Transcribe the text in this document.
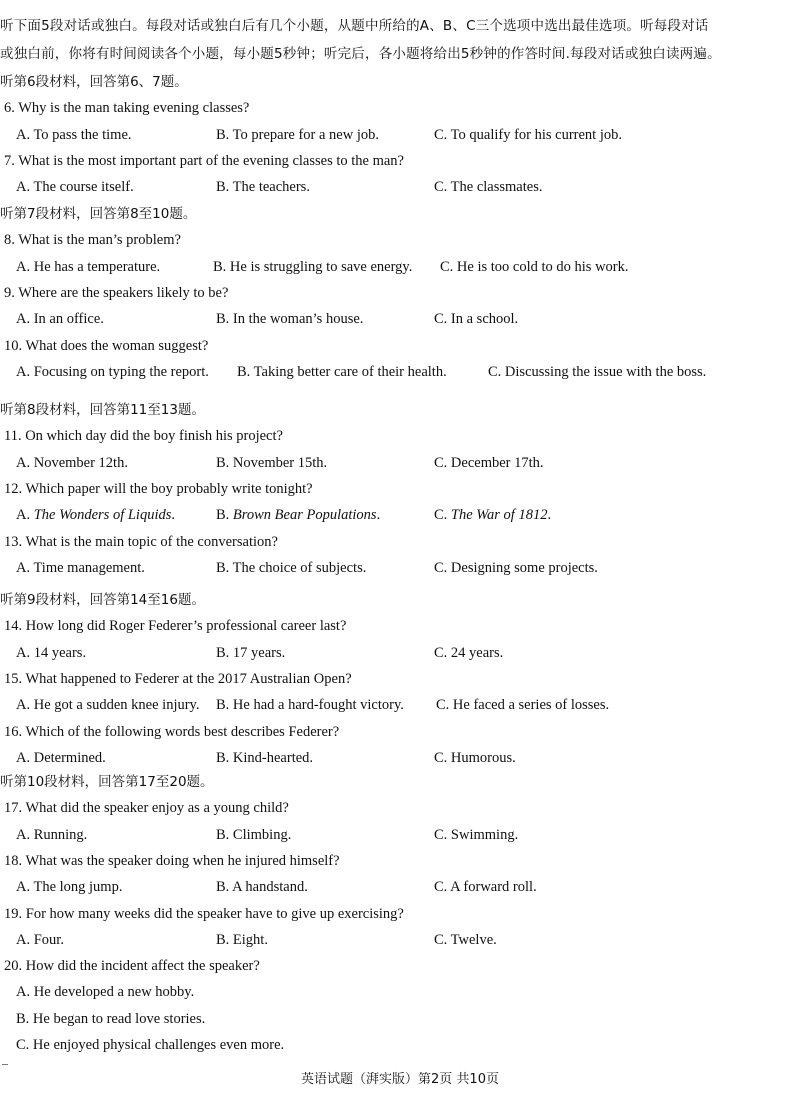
听下面5段对话或独白。每段对话或独白后有几个小题，从题中所给的A、B、C三个选项中选出最佳选项。听每段对话
或独白前，你将有时间阅读各个小题，每小题5秒钟；听完后，各小题将给出5秒钟的作答时间.每段对话或独白读两遍。
听第6段材料，回答第6、7题。
6. Why is the man taking evening classes?
A. To pass the time.	B. To prepare for a new job.	C. To qualify for his current job.
7. What is the most important part of the evening classes to the man?
A. The course itself.	B. The teachers.	C. The classmates.
听第7段材料，回答第8至10题。
8. What is the man’s problem?
A. He has a temperature.	B. He is struggling to save energy. C. He is too cold to do his work.
9. Where are the speakers likely to be?
A. In an office.	B. In the woman’s house.	C. In a school.
10. What does the woman suggest?
A. Focusing on typing the report. B. Taking better care of their health.	C. Discussing the issue with the boss.
听第8段材料，回答第11至13题。
11. On which day did the boy finish his project?
A. November 12th.	B. November 15th.	C. December 17th.
12. Which paper will the boy probably write tonight?
A. The Wonders of Liquids.	B. Brown Bear Populations.	C. The War of 1812.
13. What is the main topic of the conversation?
A. Time management.	B. The choice of subjects.	C. Designing some projects.
听第9段材料，回答第14至16题。
14. How long did Roger Federer’s professional career last?
A. 14 years.	B. 17 years.	C. 24 years.
15. What happened to Federer at the 2017 Australian Open?
A. He got a sudden knee injury. B. He had a hard-fought victory. C. He faced a series of losses.
16. Which of the following words best describes Federer?
A. Determined.	B. Kind-hearted.	C. Humorous.
听第10段材料，回答第17至20题。
17. What did the speaker enjoy as a young child?
A. Running.	B. Climbing.	C. Swimming.
18. What was the speaker doing when he injured himself?
A. The long jump.	B. A handstand.	C. A forward roll.
19. For how many weeks did the speaker have to give up exercising?
A. Four.	B. Eight.	C. Twelve.
20. How did the incident affect the speaker?
A. He developed a new hobby.
B. He began to read love stories.
C. He enjoyed physical challenges even more.
英语试题（湃实版）第2页 共10页
